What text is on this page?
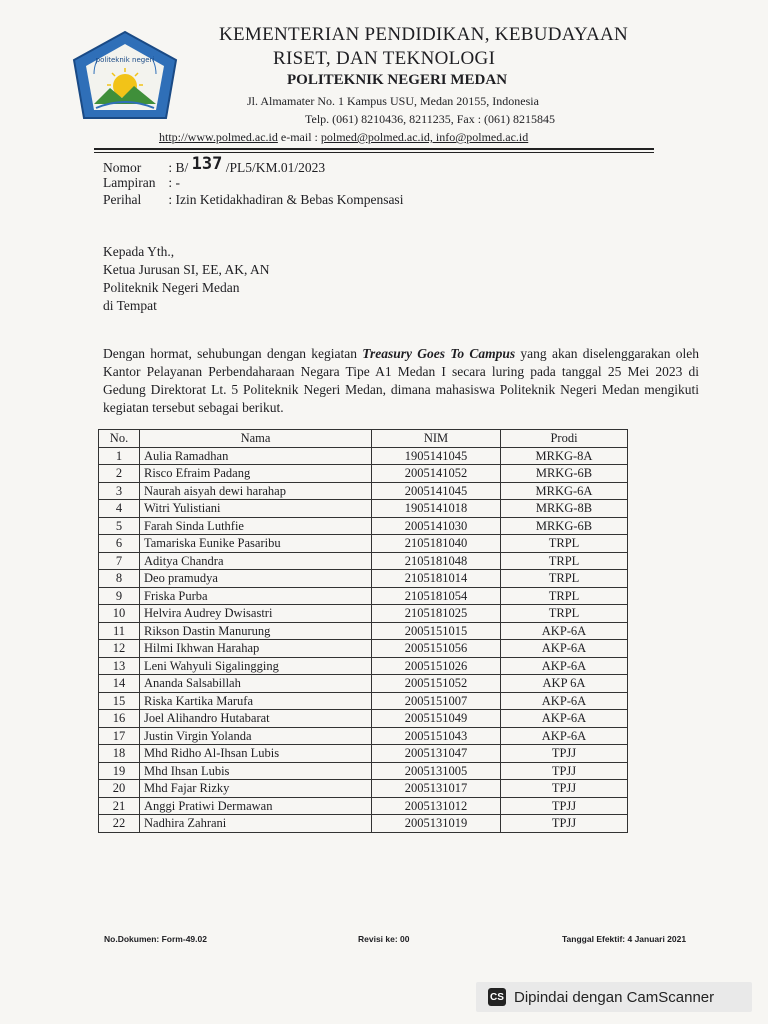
politeknik negeri
KEMENTERIAN PENDIDIKAN, KEBUDAYAAN
RISET, DAN TEKNOLOGI
POLITEKNIK NEGERI MEDAN
Jl. Almamater No. 1 Kampus USU, Medan 20155, Indonesia
Telp. (061) 8210436, 8211235, Fax : (061) 8215845
http://www.polmed.ac.id e-mail : polmed@polmed.ac.id, info@polmed.ac.id
Nomor : B/ 137 /PL5/KM.01/2023
Lampiran : -
Perihal : Izin Ketidakhadiran & Bebas Kompensasi
Kepada Yth.,
Ketua Jurusan SI, EE, AK, AN
Politeknik Negeri Medan
di Tempat

Dengan hormat, sehubungan dengan kegiatan Treasury Goes To Campus yang akan diselenggarakan oleh Kantor Pelayanan Perbendaharaan Negara Tipe A1 Medan I secara luring pada tanggal 25 Mei 2023 di Gedung Direktorat Lt. 5 Politeknik Negeri Medan, dimana mahasiswa Politeknik Negeri Medan mengikuti kegiatan tersebut sebagai berikut.

No.	Nama	NIM	Prodi
1	Aulia Ramadhan	1905141045	MRKG-8A
2	Risco Efraim Padang	2005141052	MRKG-6B
3	Naurah aisyah dewi harahap	2005141045	MRKG-6A
4	Witri Yulistiani	1905141018	MRKG-8B
5	Farah Sinda Luthfie	2005141030	MRKG-6B
6	Tamariska Eunike Pasaribu	2105181040	TRPL
7	Aditya Chandra	2105181048	TRPL
8	Deo pramudya	2105181014	TRPL
9	Friska Purba	2105181054	TRPL
10	Helvira Audrey Dwisastri	2105181025	TRPL
11	Rikson Dastin Manurung	2005151015	AKP-6A
12	Hilmi Ikhwan Harahap	2005151056	AKP-6A
13	Leni Wahyuli Sigalingging	2005151026	AKP-6A
14	Ananda Salsabillah	2005151052	AKP 6A
15	Riska Kartika Marufa	2005151007	AKP-6A
16	Joel Alihandro Hutabarat	2005151049	AKP-6A
17	Justin Virgin Yolanda	2005151043	AKP-6A
18	Mhd Ridho Al-Ihsan Lubis	2005131047	TPJJ
19	Mhd Ihsan Lubis	2005131005	TPJJ
20	Mhd Fajar Rizky	2005131017	TPJJ
21	Anggi Pratiwi Dermawan	2005131012	TPJJ
22	Nadhira Zahrani	2005131019	TPJJ
No.Dokumen: Form-49.02	Revisi ke: 00	Tanggal Efektif: 4 Januari 2021
CS Dipindai dengan CamScanner
